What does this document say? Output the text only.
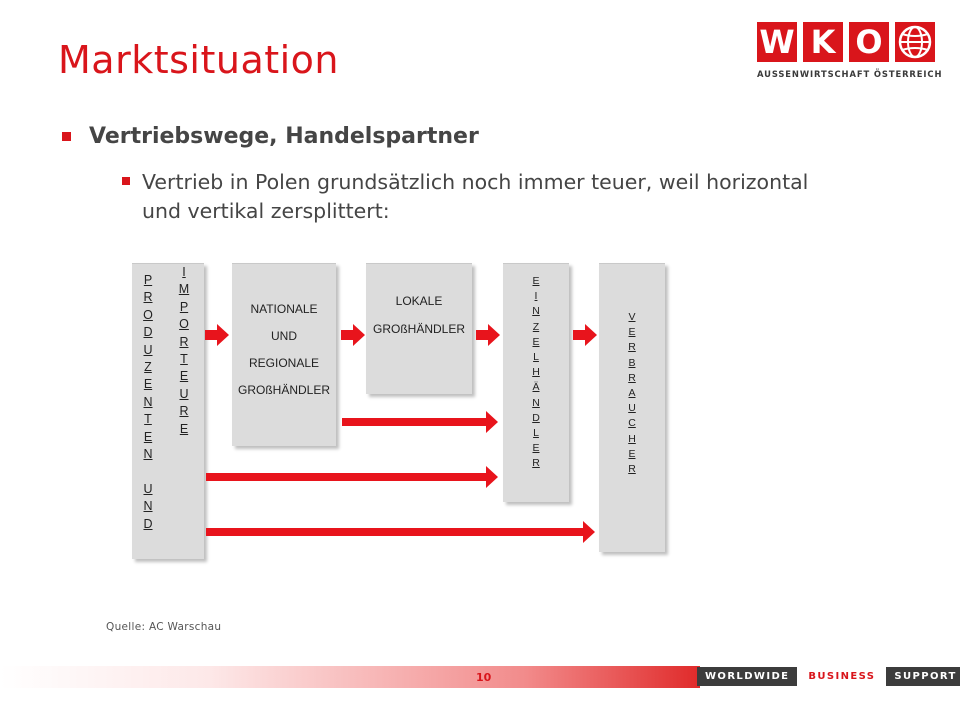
Marktsituation	W K O
AUSSENWIRTSCHAFT ÖSTERREICH
Vertriebswege, Handelspartner
Vertrieb in Polen grundsätzlich noch immer teuer, weil horizontal und vertikal zersplittert:
P
R
O
D
U
Z
E
N
T
E
N

U
N
D
I
M
P
O
R
T
E
U
R
E
NATIONALE
UND
REGIONALE
GROßHÄNDLER
LOKALE
GROßHÄNDLER
E
I
N
Z
E
L
H
Ä
N
D
L
E
R
V
E
R
B
R
A
U
C
H
E
R
Quelle: AC Warschau
10	WORLDWIDE	BUSINESS	SUPPORT
